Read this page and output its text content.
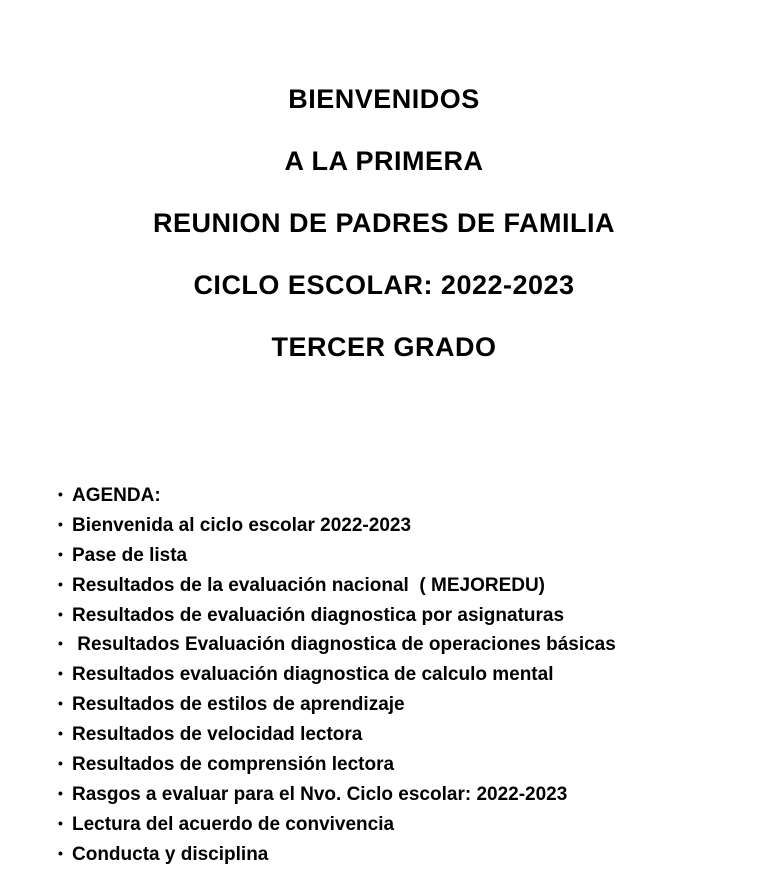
BIENVENIDOS
A LA PRIMERA
REUNION DE PADRES DE FAMILIA
CICLO ESCOLAR: 2022-2023
TERCER GRADO
• AGENDA:
• Bienvenida al ciclo escolar 2022-2023
• Pase de lista
• Resultados de la evaluación nacional  ( MEJOREDU)
• Resultados de evaluación diagnostica por asignaturas
• Resultados Evaluación diagnostica de operaciones básicas
• Resultados evaluación diagnostica de calculo mental
• Resultados de estilos de aprendizaje
• Resultados de velocidad lectora
• Resultados de comprensión lectora
• Rasgos a evaluar para el Nvo. Ciclo escolar: 2022-2023
• Lectura del acuerdo de convivencia
• Conducta y disciplina
